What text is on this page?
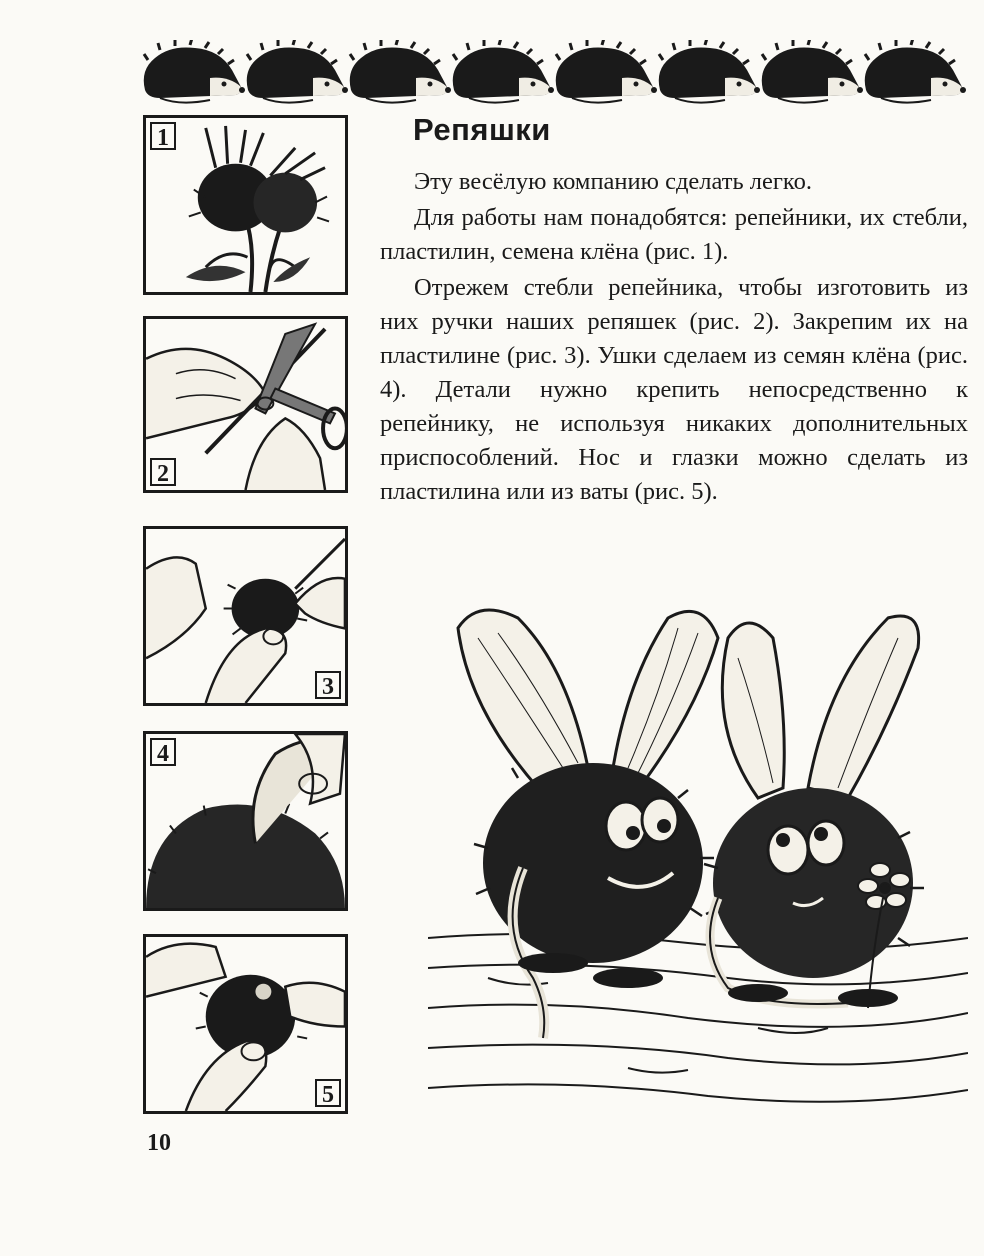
1
2
3
4
5
Репяшки

Эту весёлую компанию сделать легко.

Для работы нам понадобятся: репейники, их стебли, пластилин, семена клёна (рис. 1).

Отрежем стебли репейника, чтобы изготовить из них ручки наших репяшек (рис. 2). Закрепим их на пластилине (рис. 3). Ушки сделаем из семян клёна (рис. 4). Детали нужно крепить непосредственно к репейнику, не используя никаких дополнительных приспособлений. Нос и глазки можно сделать из пластилина или из ваты (рис. 5).

10
